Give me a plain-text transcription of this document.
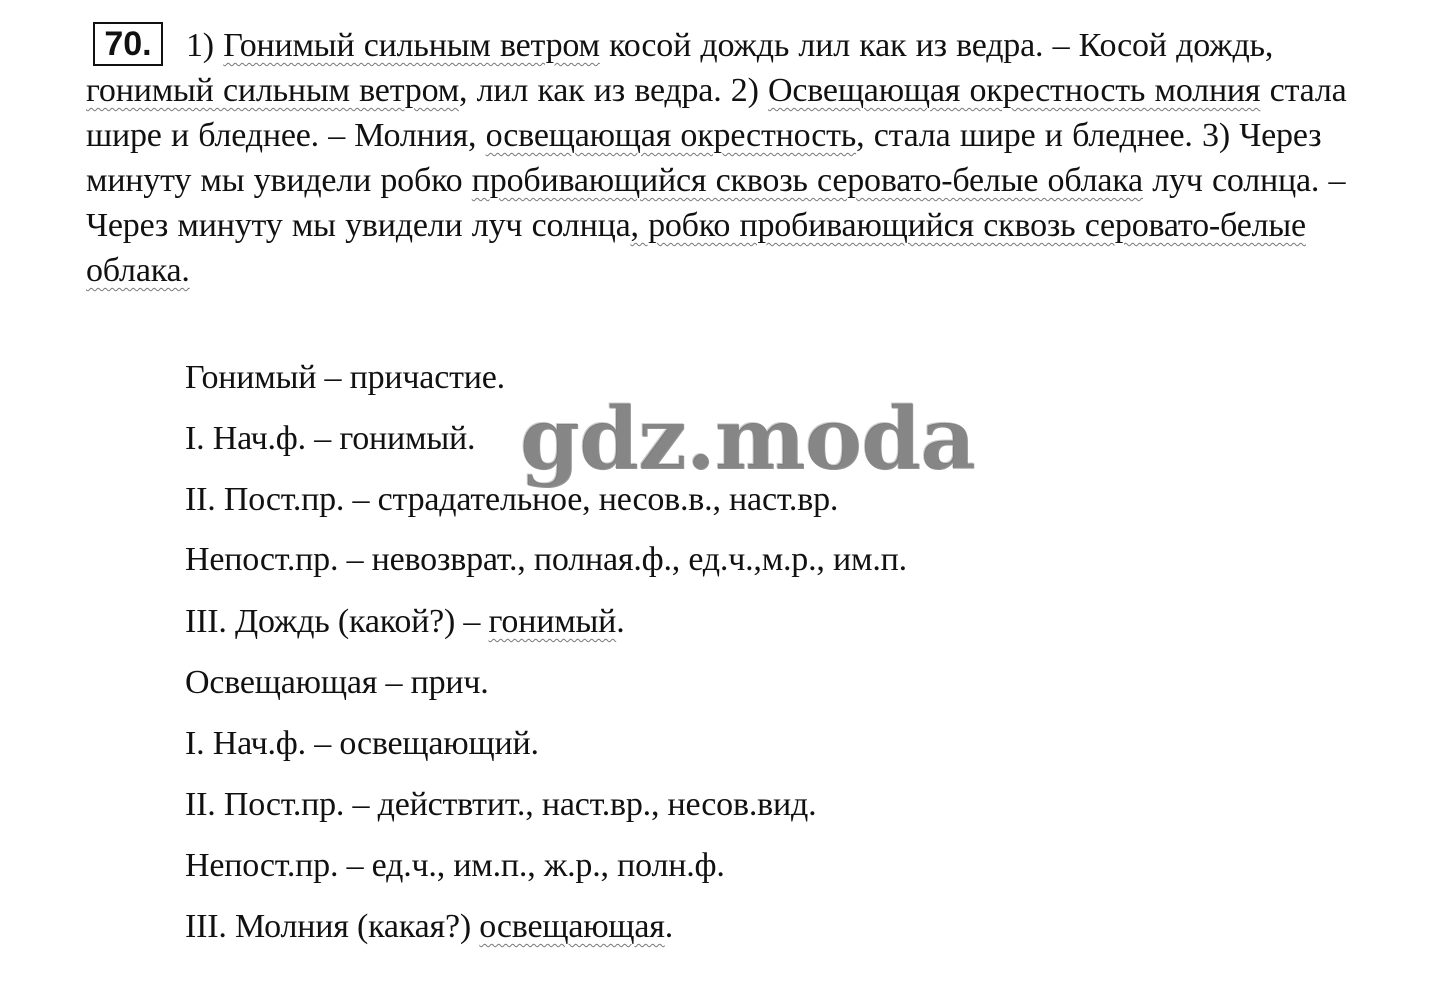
70.	1) Гонимый сильным ветром косой дождь лил как из ведра. – Косой дождь, гонимый сильным ветром, лил как из ведра. 2) Освещающая окрестность молния стала шире и бледнее. – Молния, освещающая окрестность, стала шире и бледнее. 3) Через минуту мы увидели робко пробивающийся сквозь серовато-белые облака луч солнца. – Через минуту мы увидели луч солнца, робко пробивающийся сквозь серовато-белые облака.
Гонимый – причастие.
I. Нач.ф. – гонимый.
II. Пост.пр. – страдательное, несов.в., наст.вр.
Непост.пр. – невозврат., полная.ф., ед.ч.,м.р., им.п.
III. Дождь (какой?) – гонимый.
Освещающая – прич.
I. Нач.ф. – освещающий.
II. Пост.пр. – действтит., наст.вр., несов.вид.
Непост.пр. – ед.ч., им.п., ж.р., полн.ф.
III. Молния (какая?) освещающая.
gdz.moda
